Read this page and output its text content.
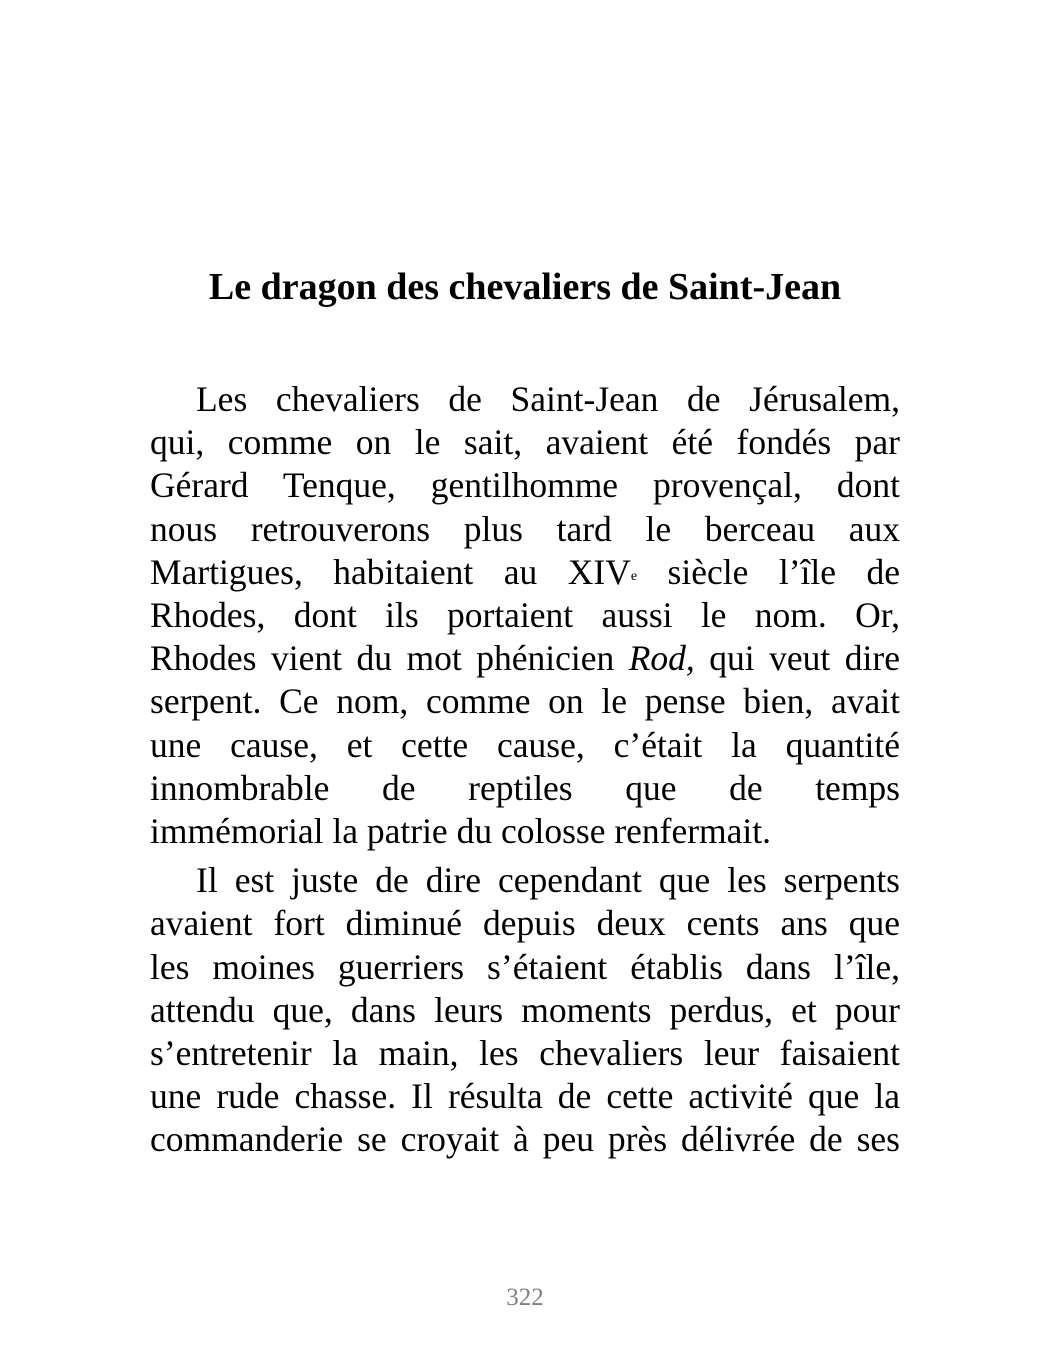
Le dragon des chevaliers de Saint-Jean

Les chevaliers de Saint-Jean de Jérusalem,
qui, comme on le sait, avaient été fondés par
Gérard Tenque, gentilhomme provençal, dont
nous retrouverons plus tard le berceau aux
Martigues, habitaient au XIVe siècle l’île de
Rhodes, dont ils portaient aussi le nom. Or,
Rhodes vient du mot phénicien Rod, qui veut dire
serpent. Ce nom, comme on le pense bien, avait
une cause, et cette cause, c’était la quantité
innombrable de reptiles que de temps
immémorial la patrie du colosse renfermait.

Il est juste de dire cependant que les serpents
avaient fort diminué depuis deux cents ans que
les moines guerriers s’étaient établis dans l’île,
attendu que, dans leurs moments perdus, et pour
s’entretenir la main, les chevaliers leur faisaient
une rude chasse. Il résulta de cette activité que la
commanderie se croyait à peu près délivrée de ses

322
